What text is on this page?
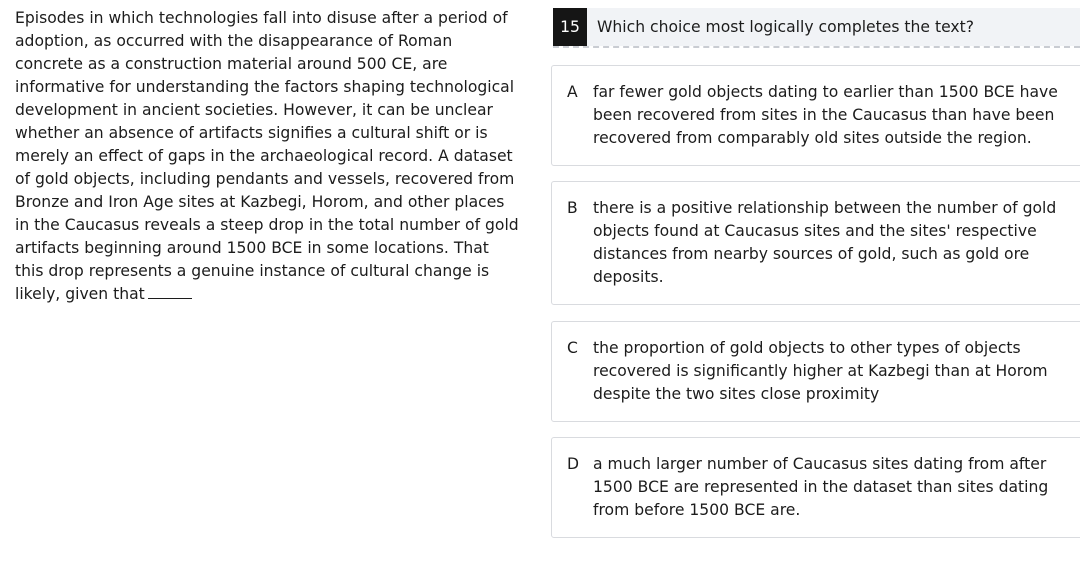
Episodes in which technologies fall into disuse after a period of adoption, as occurred with the disappearance of Roman concrete as a construction material around 500 CE, are informative for understanding the factors shaping technological development in ancient societies. However, it can be unclear whether an absence of artifacts signifies a cultural shift or is merely an effect of gaps in the archaeological record. A dataset of gold objects, including pendants and vessels, recovered from Bronze and Iron Age sites at Kazbegi, Horom, and other places in the Caucasus reveals a steep drop in the total number of gold artifacts beginning around 1500 BCE in some locations. That this drop represents a genuine instance of cultural change is likely, given that

15	Which choice most logically completes the text?
A far fewer gold objects dating to earlier than 1500 BCE have been recovered from sites in the Caucasus than have been recovered from comparably old sites outside the region.
B there is a positive relationship between the number of gold objects found at Caucasus sites and the sites' respective distances from nearby sources of gold, such as gold ore deposits.
C the proportion of gold objects to other types of objects recovered is significantly higher at Kazbegi than at Horom despite the two sites close proximity
D a much larger number of Caucasus sites dating from after 1500 BCE are represented in the dataset than sites dating from before 1500 BCE are.
